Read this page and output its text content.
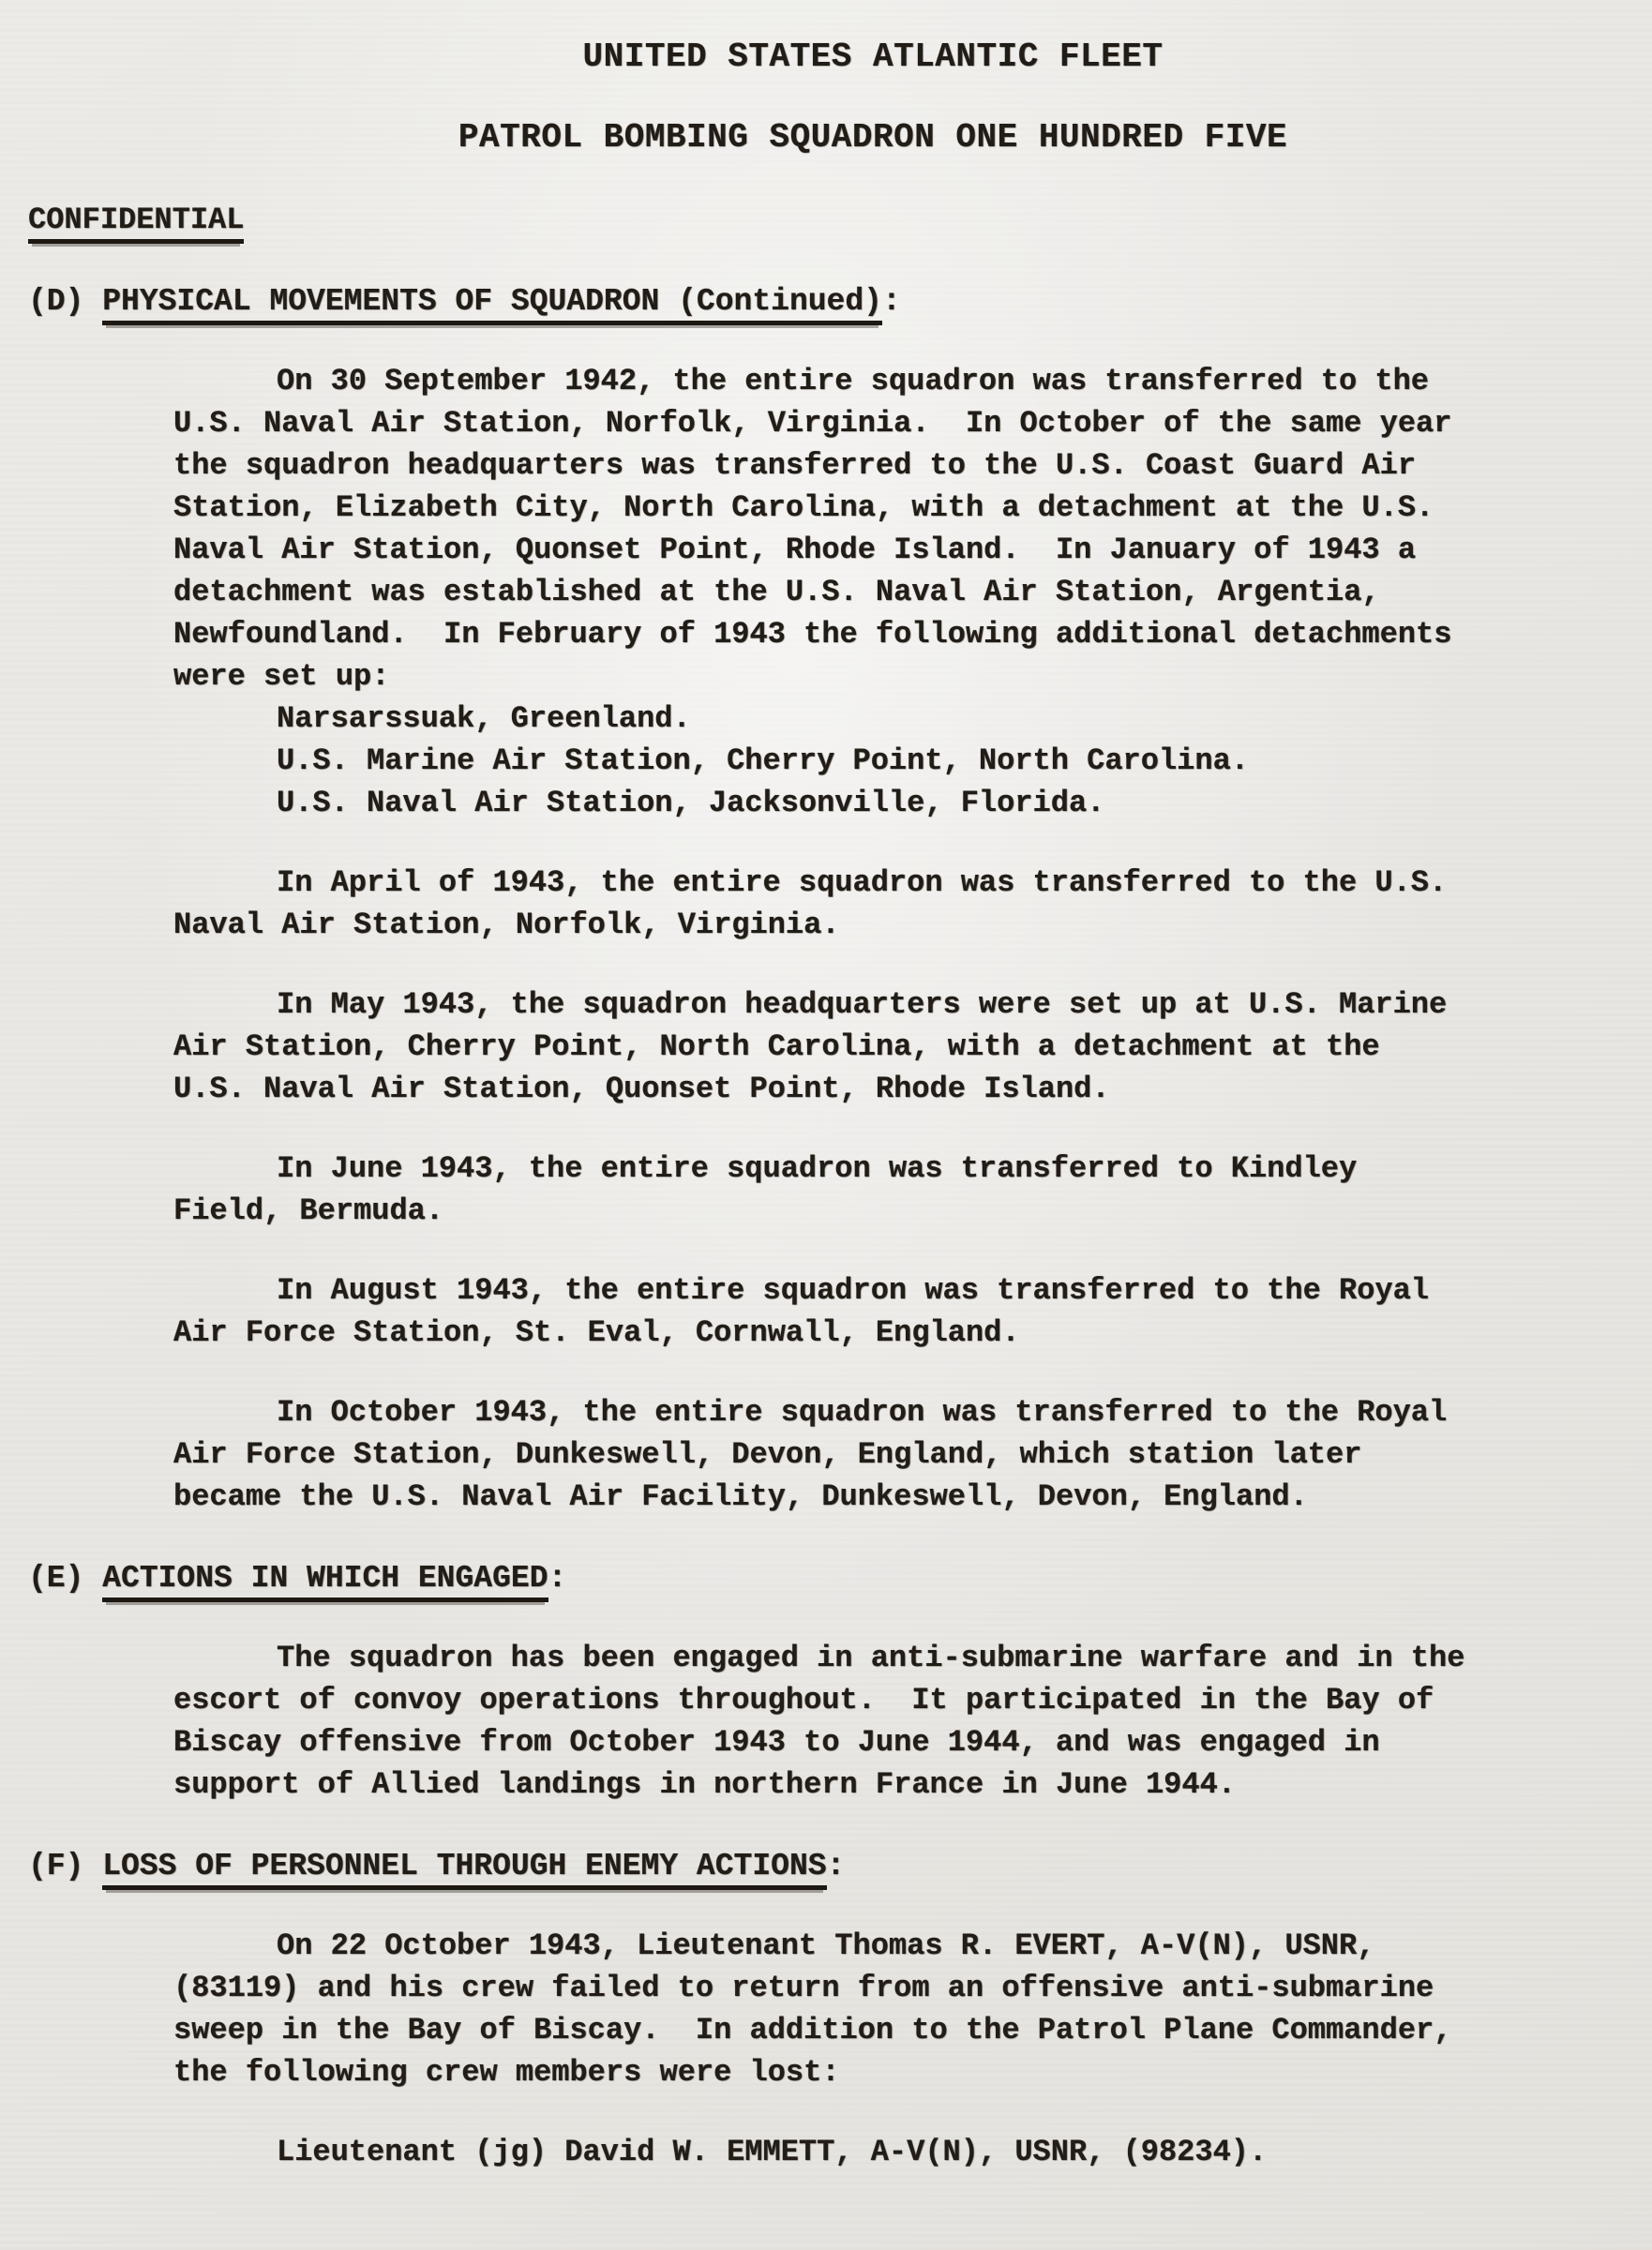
UNITED STATES ATLANTIC FLEET
PATROL BOMBING SQUADRON ONE HUNDRED FIVE
CONFIDENTIAL
(D) PHYSICAL MOVEMENTS OF SQUADRON (Continued):
On 30 September 1942, the entire squadron was transferred to the
U.S. Naval Air Station, Norfolk, Virginia.  In October of the same year
the squadron headquarters was transferred to the U.S. Coast Guard Air
Station, Elizabeth City, North Carolina, with a detachment at the U.S.
Naval Air Station, Quonset Point, Rhode Island.  In January of 1943 a
detachment was established at the U.S. Naval Air Station, Argentia,
Newfoundland.  In February of 1943 the following additional detachments
were set up:
Narsarssuak, Greenland.
U.S. Marine Air Station, Cherry Point, North Carolina.
U.S. Naval Air Station, Jacksonville, Florida.
In April of 1943, the entire squadron was transferred to the U.S.
Naval Air Station, Norfolk, Virginia.
In May 1943, the squadron headquarters were set up at U.S. Marine
Air Station, Cherry Point, North Carolina, with a detachment at the
U.S. Naval Air Station, Quonset Point, Rhode Island.
In June 1943, the entire squadron was transferred to Kindley
Field, Bermuda.
In August 1943, the entire squadron was transferred to the Royal
Air Force Station, St. Eval, Cornwall, England.
In October 1943, the entire squadron was transferred to the Royal
Air Force Station, Dunkeswell, Devon, England, which station later
became the U.S. Naval Air Facility, Dunkeswell, Devon, England.
(E) ACTIONS IN WHICH ENGAGED:
The squadron has been engaged in anti-submarine warfare and in the
escort of convoy operations throughout.  It participated in the Bay of
Biscay offensive from October 1943 to June 1944, and was engaged in
support of Allied landings in northern France in June 1944.
(F) LOSS OF PERSONNEL THROUGH ENEMY ACTIONS:
On 22 October 1943, Lieutenant Thomas R. EVERT, A-V(N), USNR,
(83119) and his crew failed to return from an offensive anti-submarine
sweep in the Bay of Biscay.  In addition to the Patrol Plane Commander,
the following crew members were lost:
Lieutenant (jg) David W. EMMETT, A-V(N), USNR, (98234).
